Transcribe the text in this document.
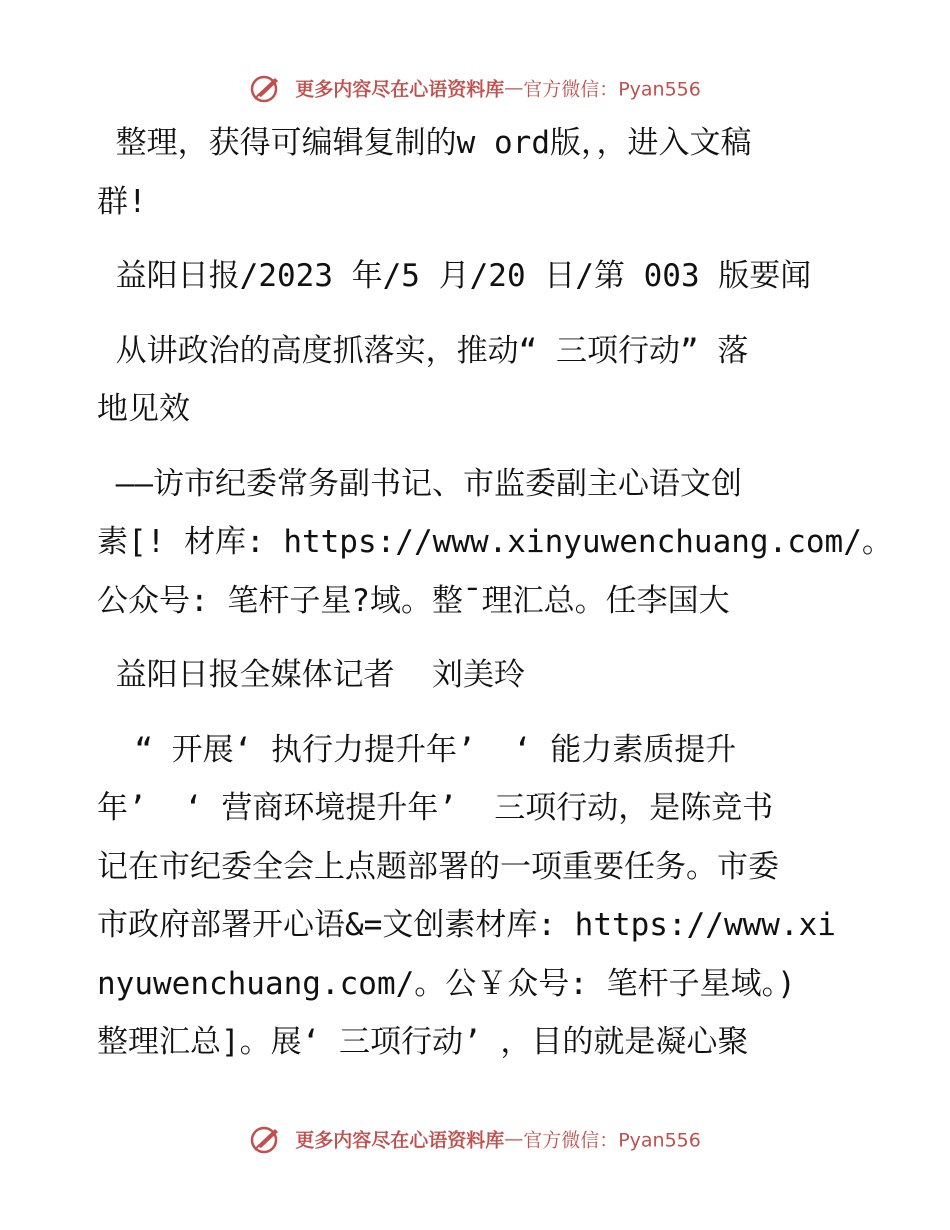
更多内容尽在心语资料库—官方微信：Pyan556
整理，获得可编辑复制的w ord版，，进入文稿
群!
益阳日报/2023 年/5 月/20 日/第 003 版要闻
从讲政治的高度抓落实，推动“ 三项行动” 落
地见效
——访市纪委常务副书记、市监委副主心语文创
素[! 材库: https://www.xinyuwenchuang.com/。
公众号: 笔杆子星?域。整¯理汇总。任李国大
益阳日报全媒体记者  刘美玲
“ 开展‘ 执行力提升年’  ‘ 能力素质提升
年’  ‘ 营商环境提升年’  三项行动，是陈竞书
记在市纪委全会上点题部署的一项重要任务。市委
市政府部署开心语&=文创素材库: https://www.xi
nyuwenchuang.com/。公￥众号: 笔杆子星域。)
整理汇总]。展‘ 三项行动’ ，目的就是凝心聚
更多内容尽在心语资料库—官方微信：Pyan556
